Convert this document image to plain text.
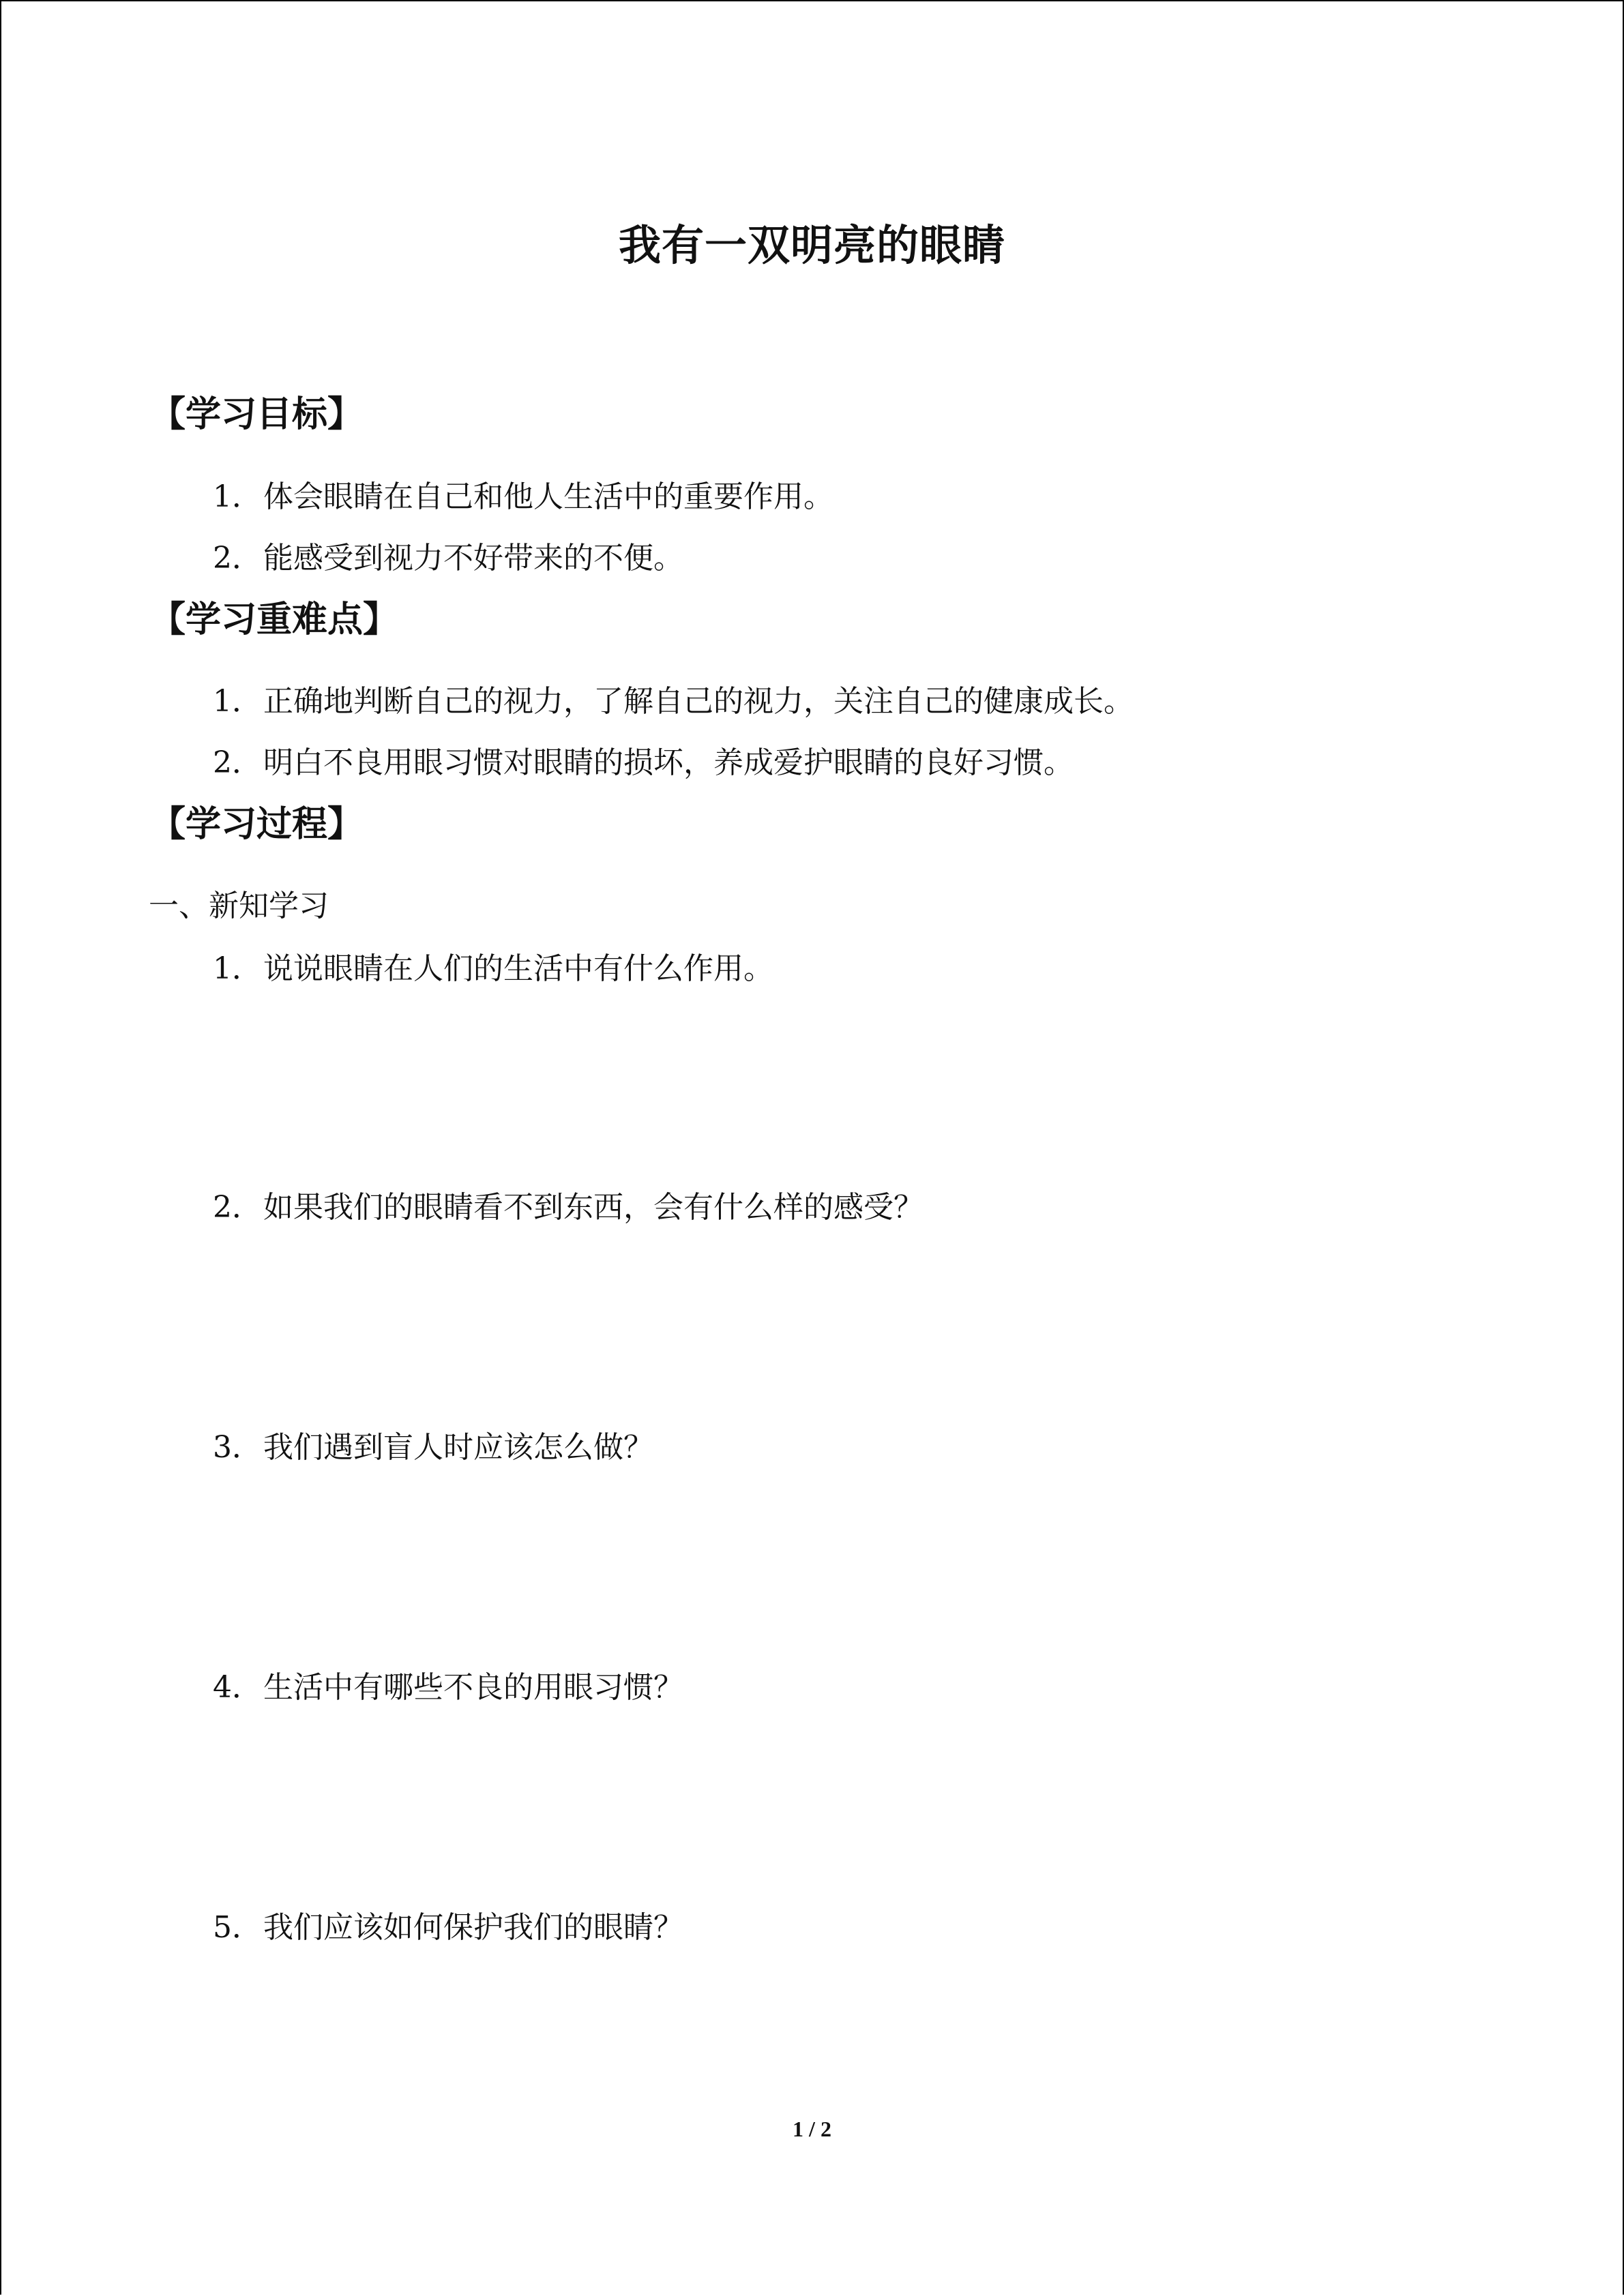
我有一双明亮的眼睛
【学习目标】
1．体会眼睛在自己和他人生活中的重要作用。
2．能感受到视力不好带来的不便。
【学习重难点】
1．正确地判断自己的视力，了解自己的视力，关注自己的健康成长。
2．明白不良用眼习惯对眼睛的损坏，养成爱护眼睛的良好习惯。
【学习过程】
一、新知学习
1．说说眼睛在人们的生活中有什么作用。
2．如果我们的眼睛看不到东西，会有什么样的感受？
3．我们遇到盲人时应该怎么做？
4．生活中有哪些不良的用眼习惯？
5．我们应该如何保护我们的眼睛？
1 / 2
